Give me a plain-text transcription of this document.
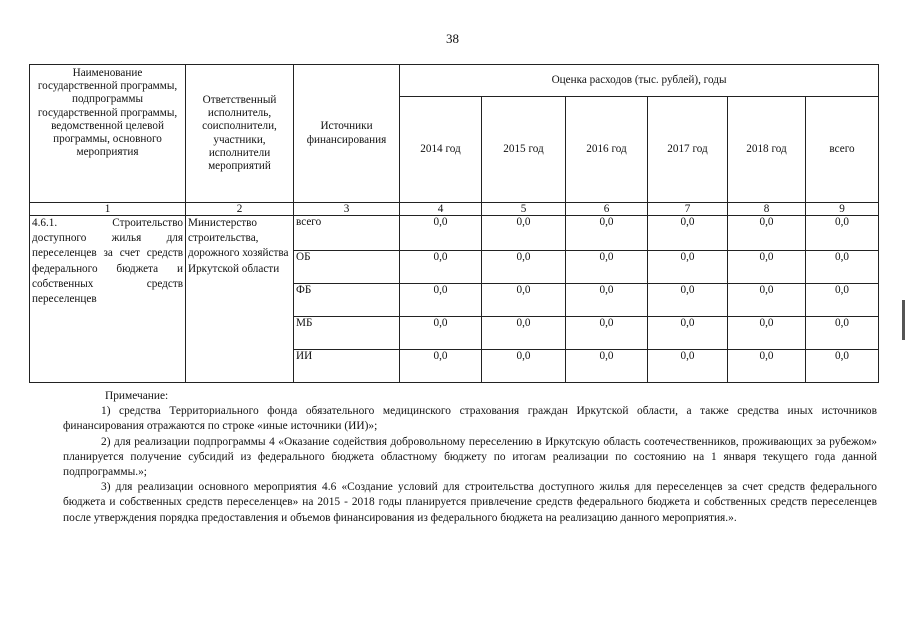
38
Наименование государственной программы, подпрограммы государственной программы, ведомственной целевой программы, основного мероприятия	Ответственный исполнитель, соисполнители, участники, исполнители мероприятий	Источники финансирования	Оценка расходов (тыс. рублей), годы					
			2014 год	2015 год	2016 год	2017 год	2018 год	всего
1	2	3	4	5	6	7	8	9
4.6.1. Строительство доступного жилья для переселенцев за счет средств федерального бюджета и собственных средств переселенцев	Министерство строительства, дорожного хозяйства Иркутской области	всего	0,0	0,0	0,0	0,0	0,0	0,0
		ОБ	0,0	0,0	0,0	0,0	0,0	0,0
		ФБ	0,0	0,0	0,0	0,0	0,0	0,0
		МБ	0,0	0,0	0,0	0,0	0,0	0,0
		ИИ	0,0	0,0	0,0	0,0	0,0	0,0

Примечание:

1) средства Территориального фонда обязательного медицинского страхования граждан Иркутской области, а также средства иных источников финансирования отражаются по строке «иные источники (ИИ)»;

2) для реализации подпрограммы 4 «Оказание содействия добровольному переселению в Иркутскую область соотечественников, проживающих за рубежом» планируется получение субсидий из федерального бюджета областному бюджету по итогам реализации по состоянию на 1 января текущего года данной подпрограммы.»;

3) для реализации основного мероприятия 4.6 «Создание условий для строительства доступного жилья для переселенцев за счет средств федерального бюджета и собственных средств переселенцев» на 2015 - 2018 годы планируется привлечение средств федерального бюджета и собственных средств переселенцев после утверждения порядка предоставления и объемов финансирования из федерального бюджета на реализацию данного мероприятия.».
